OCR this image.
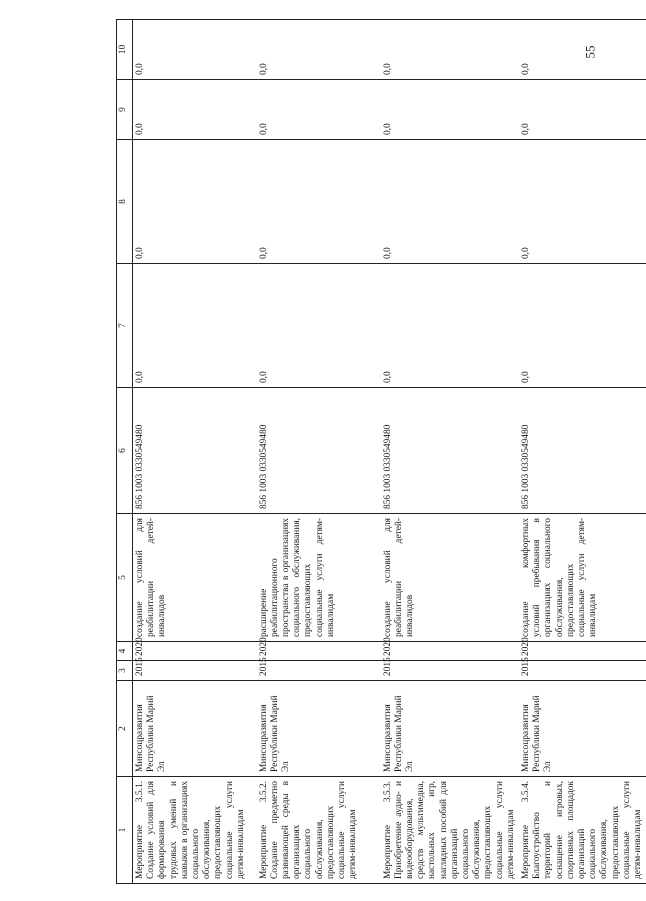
55
1	2	3	4	5	6	7	8	9	10
Мероприятие 3.5.1. Создание условий для формирования трудовых умений и навыков в организациях социального обслуживания, предоставляющих социальные услуги детям-инвалидам	Минсоцразвития Республики Марий Эл	2015	2020	создание условий для реабилитации детей-инвалидов	856 1003 0330549480	0,0	0,0	0,0	0,0
Мероприятие 3.5.2. Создание предметно развивающей среды в организациях социального обслуживания, предоставляющих социальные услуги детям-инвалидам	Минсоцразвития Республики Марий Эл	2015	2020	расширение реабилитационного пространства в организациях социального обслуживания, предоставляющих социальные услуги детям-инвалидам	856 1003 0330549480	0,0	0,0	0,0	0,0
Мероприятие 3.5.3. Приобретение аудио- и видеооборудования, средств мультимедиа, настольных игр, наглядных пособий для организаций социального обслуживания, предоставляющих социальные услуги детям-инвалидам	Минсоцразвития Республики Марий Эл	2015	2020	создание условий для реабилитации детей-инвалидов	856 1003 0330549480	0,0	0,0	0,0	0,0
Мероприятие 3.5.4. Благоустройство территорий и оснащение игровых, спортивных площадок организаций социального обслуживания, предоставляющих социальные услуги детям-инвалидам	Минсоцразвития Республики Марий Эл	2015	2020	создание комфортных условий пребывания в организациях социального обслуживания, предоставляющих социальные услуги детям-инвалидам	856 1003 0330549480	0,0	0,0	0,0	0,0
